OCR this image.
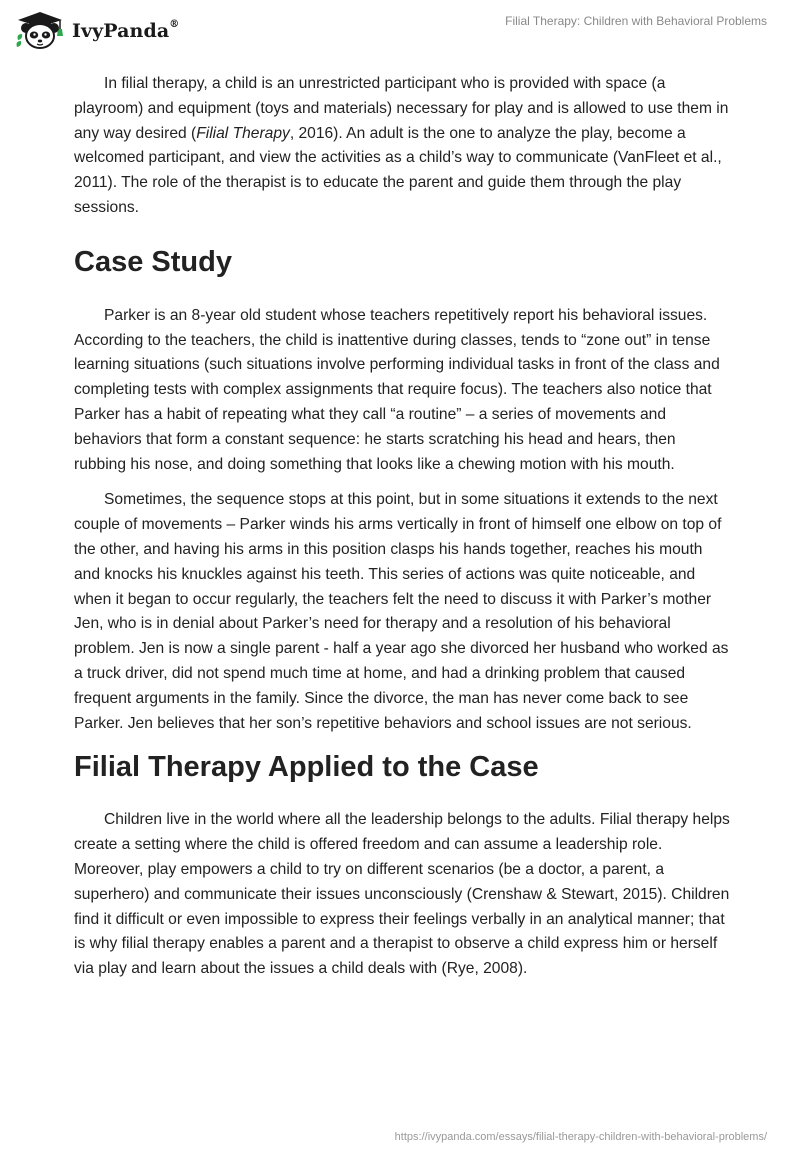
IvyPanda®	Filial Therapy: Children with Behavioral Problems

In filial therapy, a child is an unrestricted participant who is provided with space (a playroom) and equipment (toys and materials) necessary for play and is allowed to use them in any way desired (Filial Therapy, 2016). An adult is the one to analyze the play, become a welcomed participant, and view the activities as a child’s way to communicate (VanFleet et al., 2011). The role of the therapist is to educate the parent and guide them through the play sessions.

Case Study

Parker is an 8-year old student whose teachers repetitively report his behavioral issues. According to the teachers, the child is inattentive during classes, tends to “zone out” in tense learning situations (such situations involve performing individual tasks in front of the class and completing tests with complex assignments that require focus). The teachers also notice that Parker has a habit of repeating what they call “a routine” – a series of movements and behaviors that form a constant sequence: he starts scratching his head and hears, then rubbing his nose, and doing something that looks like a chewing motion with his mouth.

Sometimes, the sequence stops at this point, but in some situations it extends to the next couple of movements – Parker winds his arms vertically in front of himself one elbow on top of the other, and having his arms in this position clasps his hands together, reaches his mouth and knocks his knuckles against his teeth. This series of actions was quite noticeable, and when it began to occur regularly, the teachers felt the need to discuss it with Parker’s mother Jen, who is in denial about Parker’s need for therapy and a resolution of his behavioral problem. Jen is now a single parent - half a year ago she divorced her husband who worked as a truck driver, did not spend much time at home, and had a drinking problem that caused frequent arguments in the family. Since the divorce, the man has never come back to see Parker. Jen believes that her son’s repetitive behaviors and school issues are not serious.

Filial Therapy Applied to the Case

Children live in the world where all the leadership belongs to the adults. Filial therapy helps create a setting where the child is offered freedom and can assume a leadership role. Moreover, play empowers a child to try on different scenarios (be a doctor, a parent, a superhero) and communicate their issues unconsciously (Crenshaw & Stewart, 2015). Children find it difficult or even impossible to express their feelings verbally in an analytical manner; that is why filial therapy enables a parent and a therapist to observe a child express him or herself via play and learn about the issues a child deals with (Rye, 2008).

https://ivypanda.com/essays/filial-therapy-children-with-behavioral-problems/
